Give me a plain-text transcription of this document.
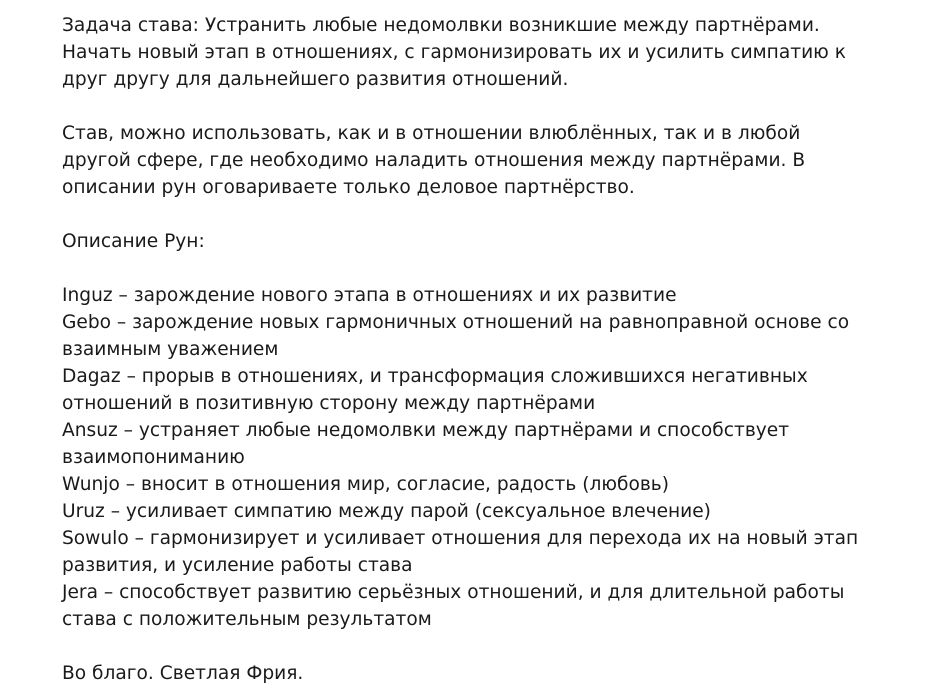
Задача става: Устранить любые недомолвки возникшие между партнёрами.
Начать новый этап в отношениях, с гармонизировать их и усилить симпатию к
друг другу для дальнейшего развития отношений.

Став, можно использовать, как и в отношении влюблённых, так и в любой
другой сфере, где необходимо наладить отношения между партнёрами. В
описании рун оговариваете только деловое партнёрство.

Описание Рун:

Inguz – зарождение нового этапа в отношениях и их развитие
Gebo – зарождение новых гармоничных отношений на равноправной основе со
взаимным уважением
Dagaz – прорыв в отношениях, и трансформация сложившихся негативных
отношений в позитивную сторону между партнёрами
Ansuz – устраняет любые недомолвки между партнёрами и способствует
взаимопониманию
Wunjo – вносит в отношения мир, согласие, радость (любовь)
Uruz – усиливает симпатию между парой (сексуальное влечение)
Sowulo – гармонизирует и усиливает отношения для перехода их на новый этап
развития, и усиление работы става
Jera – способствует развитию серьёзных отношений, и для длительной работы
става с положительным результатом

Во благо. Светлая Фрия.
